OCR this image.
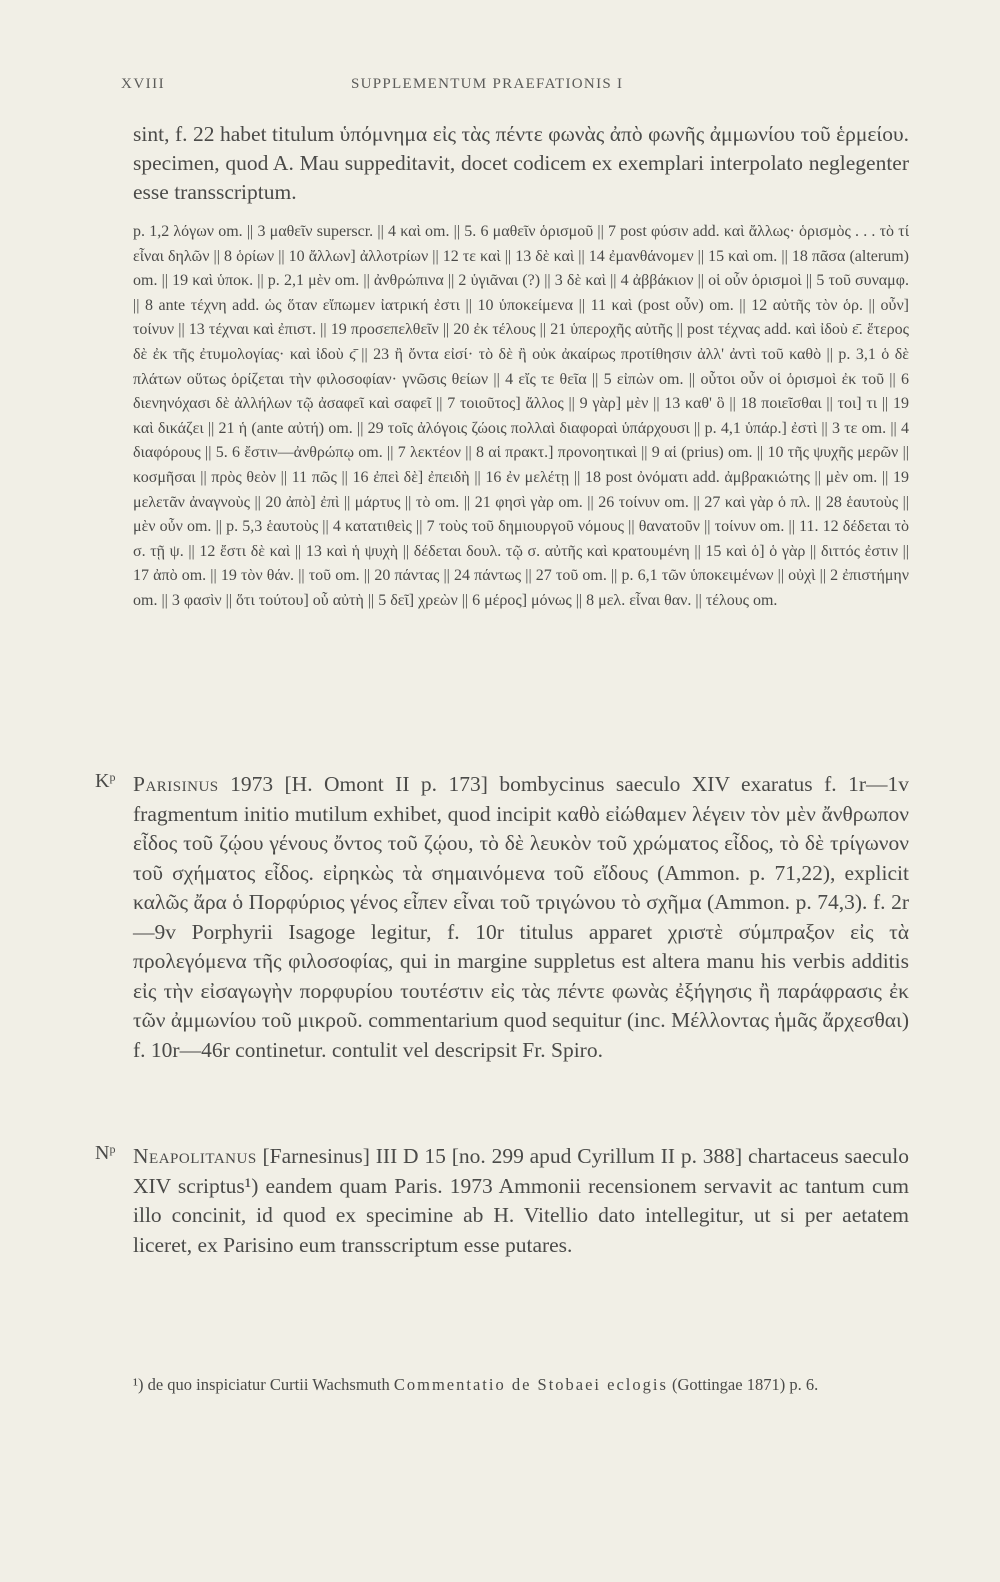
XVIII	SUPPLEMENTUM PRAEFATIONIS I

sint, f. 22 habet titulum ὑπόμνημα εἰς τὰς πέντε φωνὰς ἀπὸ φωνῆς ἀμμωνίου τοῦ ἑρμείου. specimen, quod A. Mau suppeditavit, docet codicem ex exemplari interpolato neglegenter esse transscriptum.

p. 1,2 λόγων om. || 3 μαθεῖν superscr. || 4 καὶ om. || 5. 6 μαθεῖν ὁρισμοῦ || 7 post φύσιν add. καὶ ἄλλως· ὁρισμὸς . . . τὸ τί εἶναι δηλῶν || 8 ὁρίων || 10 ἄλλων] ἀλλοτρίων || 12 τε καὶ || 13 δὲ καὶ || 14 ἐμανθάνομεν || 15 καὶ om. || 18 πᾶσα (alterum) om. || 19 καὶ ὑποκ. || p. 2,1 μὲν om. || ἀνθρώπινα || 2 ὑγιᾶναι (?) || 3 δὲ καὶ || 4 ἀββάκιον || οἱ οὖν ὁρισμοὶ || 5 τοῦ συναμφ. || 8 ante τέχνη add. ὡς ὅταν εἴπωμεν ἰατρική ἐστι || 10 ὑποκείμενα || 11 καὶ (post οὖν) om. || 12 αὐτῆς τὸν ὁρ. || οὖν] τοίνυν || 13 τέχναι καὶ ἐπιστ. || 19 προσεπελθεῖν || 20 ἐκ τέλους || 21 ὑπεροχῆς αὐτῆς || post τέχνας add. καὶ ἰδοὺ ε̄. ἕτερος δὲ ἐκ τῆς ἐτυμολογίας· καὶ ἰδοὺ ϛ̄ || 23 ἢ ὄντα εἰσί· τὸ δὲ ἢ οὐκ ἀκαίρως προτίθησιν ἀλλ' ἀντὶ τοῦ καθὸ || p. 3,1 ὁ δὲ πλάτων οὕτως ὁρίζεται τὴν φιλοσοφίαν· γνῶσις θείων || 4 εἴς τε θεῖα || 5 εἰπὼν om. || οὗτοι οὖν οἱ ὁρισμοὶ ἐκ τοῦ || 6 διενηνόχασι δὲ ἀλλήλων τῷ ἀσαφεῖ καὶ σαφεῖ || 7 τοιοῦτος] ἄλλος || 9 γὰρ] μὲν || 13 καθ' ὃ || 18 ποιεῖσθαι || τοι] τι || 19 καὶ δικάζει || 21 ἡ (ante αὐτή) om. || 29 τοῖς ἀλόγοις ζώοις πολλαὶ διαφοραὶ ὑπάρχουσι || p. 4,1 ὑπάρ.] ἐστὶ || 3 τε om. || 4 διαφόρους || 5. 6 ἔστιν—ἀνθρώπῳ om. || 7 λεκτέον || 8 αἱ πρακτ.] προνοητικαὶ || 9 αἱ (prius) om. || 10 τῆς ψυχῆς μερῶν || κοσμῆσαι || πρὸς θεὸν || 11 πῶς || 16 ἐπεὶ δὲ] ἐπειδὴ || 16 ἐν μελέτῃ || 18 post ὀνόματι add. ἀμβρακιώτης || μὲν om. || 19 μελετᾶν ἀναγνοὺς || 20 ἀπὸ] ἐπὶ || μάρτυς || τὸ om. || 21 φησὶ γὰρ om. || 26 τοίνυν om. || 27 καὶ γὰρ ὁ πλ. || 28 ἑαυτοὺς || μὲν οὖν om. || p. 5,3 ἑαυτοὺς || 4 κατατιθεὶς || 7 τοὺς τοῦ δημιουργοῦ νόμους || θανατοῦν || τοίνυν om. || 11. 12 δέδεται τὸ σ. τῇ ψ. || 12 ἔστι δὲ καὶ || 13 καὶ ἡ ψυχὴ || δέδεται δουλ. τῷ σ. αὐτῆς καὶ κρατουμένη || 15 καὶ ὁ] ὁ γὰρ || διττός ἐστιν || 17 ἀπὸ om. || 19 τὸν θάν. || τοῦ om. || 20 πάντας || 24 πάντως || 27 τοῦ om. || p. 6,1 τῶν ὑποκειμένων || οὐχὶ || 2 ἐπιστήμην om. || 3 φασὶν || ὅτι τούτου] οὗ αὐτὴ || 5 δεῖ] χρεὼν || 6 μέρος] μόνως || 8 μελ. εἶναι θαν. || τέλους om.

$K^p$ Parisinus 1973 [H. Omont II p. 173] bombycinus saeculo XIV exaratus f. 1r—1v fragmentum initio mutilum exhibet, quod incipit καθὸ εἰώθαμεν λέγειν τὸν μὲν ἄνθρωπον εἶδος τοῦ ζῴου γένους ὄντος τοῦ ζῴου, τὸ δὲ λευκὸν τοῦ χρώματος εἶδος, τὸ δὲ τρίγωνον τοῦ σχήματος εἶδος. εἰρηκὼς τὰ σημαινόμενα τοῦ εἴδους (Ammon. p. 71,22), explicit καλῶς ἄρα ὁ Πορφύριος γένος εἶπεν εἶναι τοῦ τριγώνου τὸ σχῆμα (Ammon. p. 74,3). f. 2r—9v Porphyrii Isagoge legitur, f. 10r titulus apparet χριστὲ σύμπραξον εἰς τὰ προλεγόμενα τῆς φιλοσοφίας, qui in margine suppletus est altera manu his verbis additis εἰς τὴν εἰσαγωγὴν πορφυρίου τουτέστιν εἰς τὰς πέντε φωνὰς ἐξήγησις ἢ παράφρασις ἐκ τῶν ἀμμωνίου τοῦ μικροῦ. commentarium quod sequitur (inc. Μέλλοντας ἡμᾶς ἄρχεσθαι) f. 10r—46r continetur. contulit vel descripsit Fr. Spiro.

$N^p$ Neapolitanus [Farnesinus] III D 15 [no. 299 apud Cyrillum II p. 388] chartaceus saeculo XIV scriptus¹) eandem quam Paris. 1973 Ammonii recensionem servavit ac tantum cum illo concinit, id quod ex specimine ab H. Vitellio dato intellegitur, ut si per aetatem liceret, ex Parisino eum transscriptum esse putares.

¹) de quo inspiciatur Curtii Wachsmuth Commentatio de Stobaei eclogis (Gottingae 1871) p. 6.
